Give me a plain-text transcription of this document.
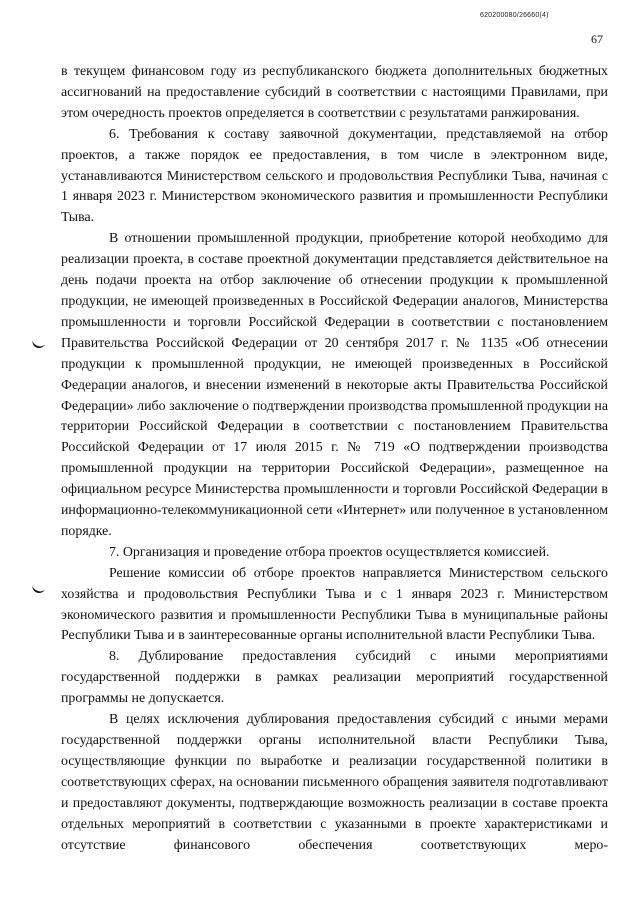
620200080/26660(4)
67

в текущем финансовом году из республиканского бюджета дополнительных бюджетных ассигнований на предоставление субсидий в соответствии с настоящими Правилами, при этом очередность проектов определяется в соответствии с результатами ранжирования.

6. Требования к составу заявочной документации, представляемой на отбор проектов, а также порядок ее предоставления, в том числе в электронном виде, устанавливаются Министерством сельского и продовольствия Республики Тыва, начиная с 1 января 2023 г. Министерством экономического развития и промышленности Республики Тыва.

В отношении промышленной продукции, приобретение которой необходимо для реализации проекта, в составе проектной документации представляется действительное на день подачи проекта на отбор заключение об отнесении продукции к промышленной продукции, не имеющей произведенных в Российской Федерации аналогов, Министерства промышленности и торговли Российской Федерации в соответствии с постановлением Правительства Российской Федерации от 20 сентября 2017 г. № 1135 «Об отнесении продукции к промышленной продукции, не имеющей произведенных в Российской Федерации аналогов, и внесении изменений в некоторые акты Правительства Российской Федерации» либо заключение о подтверждении производства промышленной продукции на территории Российской Федерации в соответствии с постановлением Правительства Российской Федерации от 17 июля 2015 г. № 719 «О подтверждении производства промышленной продукции на территории Российской Федерации», размещенное на официальном ресурсе Министерства промышленности и торговли Российской Федерации в информационно-телекоммуникационной сети «Интернет» или полученное в установленном порядке.

7. Организация и проведение отбора проектов осуществляется комиссией.

Решение комиссии об отборе проектов направляется Министерством сельского хозяйства и продовольствия Республики Тыва и с 1 января 2023 г. Министерством экономического развития и промышленности Республики Тыва в муниципальные районы Республики Тыва и в заинтересованные органы исполнительной власти Республики Тыва.

8. Дублирование предоставления субсидий с иными мероприятиями государственной поддержки в рамках реализации мероприятий государственной программы не допускается.

В целях исключения дублирования предоставления субсидий с иными мерами государственной поддержки органы исполнительной власти Республики Тыва, осуществляющие функции по выработке и реализации государственной политики в соответствующих сферах, на основании письменного обращения заявителя подготавливают и предоставляют документы, подтверждающие возможность реализации в составе проекта отдельных мероприятий в соответствии с указанными в проекте характеристиками и отсутствие финансового обеспечения соответствующих меро-
